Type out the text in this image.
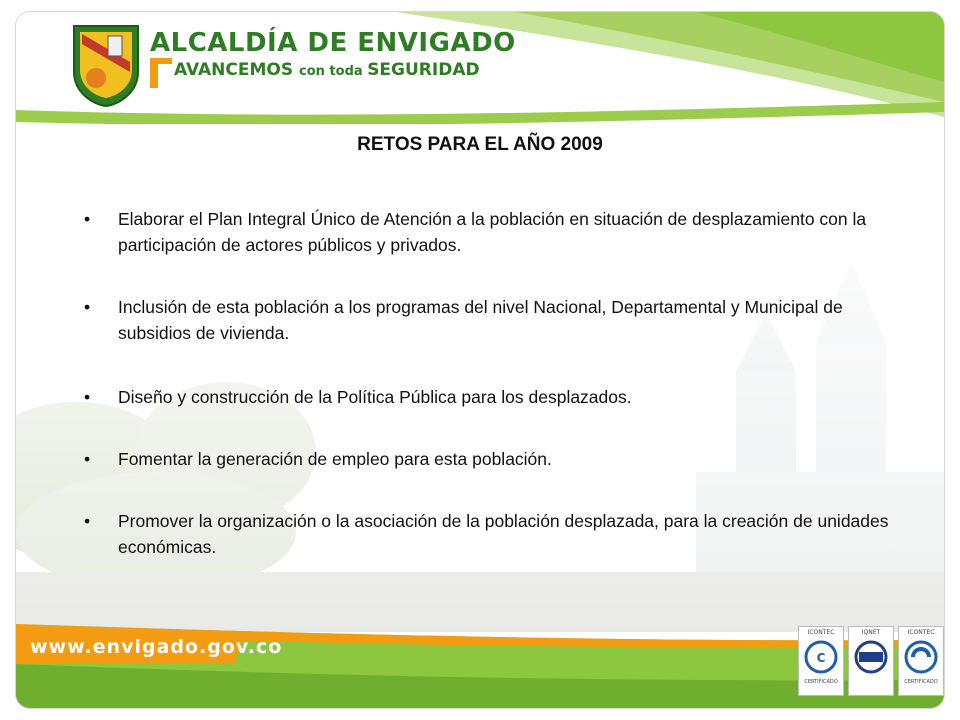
ALCALDÍA DE ENVIGADO
AVANCEMOS con toda SEGURIDAD
RETOS PARA EL AÑO 2009
• Elaborar el Plan Integral Único de Atención a la población en situación de desplazamiento con la participación de actores públicos y privados.
• Inclusión de esta población a los programas del nivel Nacional, Departamental y Municipal de subsidios de vivienda.
• Diseño y construcción de la Política Pública para los desplazados.
• Fomentar la generación de empleo para esta población.
• Promover la organización o la asociación de la población desplazada, para la creación de unidades económicas.
www.envigado.gov.co
ICONTEC
C
CERTIFICADO
IQNET	ICONTEC
CERTIFICADO
